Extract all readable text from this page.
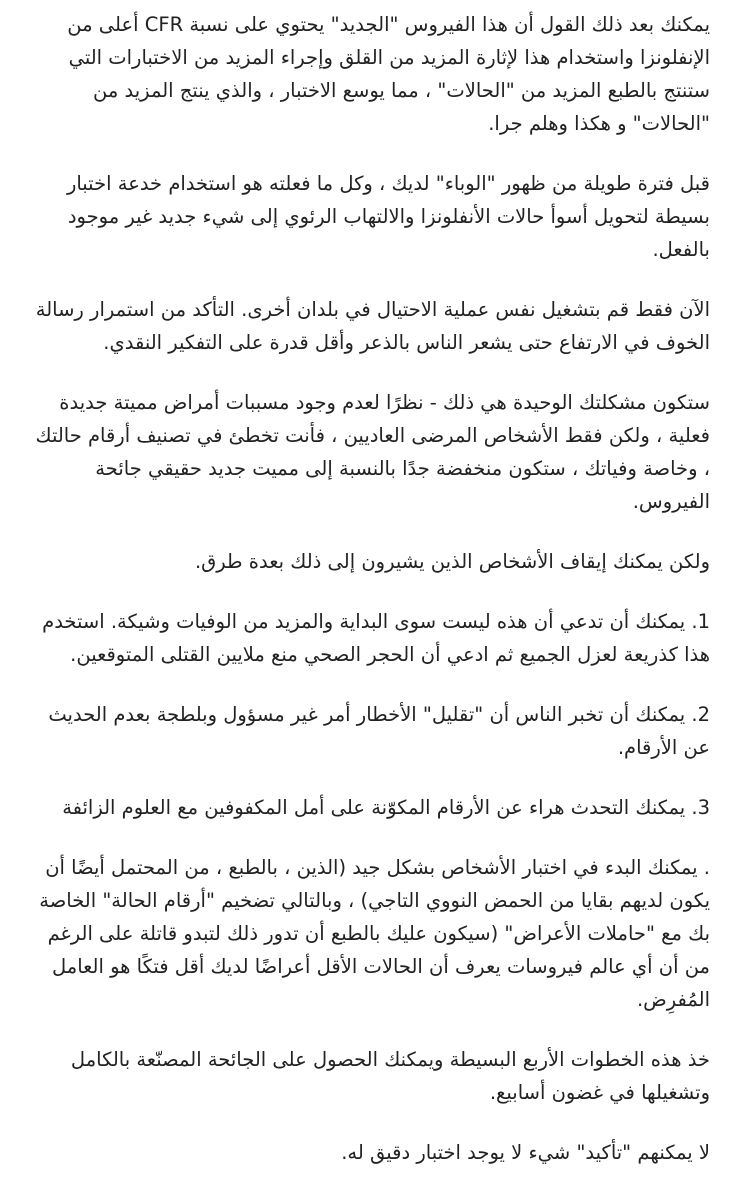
يمكنك بعد ذلك القول أن هذا الفيروس "الجديد" يحتوي على نسبة CFR أعلى من الإنفلونزا واستخدام هذا لإثارة المزيد من القلق وإجراء المزيد من الاختبارات التي ستنتج بالطبع المزيد من "الحالات" ، مما يوسع الاختبار ، والذي ينتج المزيد من "الحالات" و هكذا وهلم جرا.

قبل فترة طويلة من ظهور "الوباء" لديك ، وكل ما فعلته هو استخدام خدعة اختبار بسيطة لتحويل أسوأ حالات الأنفلونزا والالتهاب الرئوي إلى شيء جديد غير موجود بالفعل.

الآن فقط قم بتشغيل نفس عملية الاحتيال في بلدان أخرى. التأكد من استمرار رسالة الخوف في الارتفاع حتى يشعر الناس بالذعر وأقل قدرة على التفكير النقدي.

ستكون مشكلتك الوحيدة هي ذلك - نظرًا لعدم وجود مسببات أمراض مميتة جديدة فعلية ، ولكن فقط الأشخاص المرضى العاديين ، فأنت تخطئ في تصنيف أرقام حالتك ، وخاصة وفياتك ، ستكون منخفضة جدًا بالنسبة إلى مميت جديد حقيقي جائحة الفيروس.

ولكن يمكنك إيقاف الأشخاص الذين يشيرون إلى ذلك بعدة طرق.

1. يمكنك أن تدعي أن هذه ليست سوى البداية والمزيد من الوفيات وشيكة. استخدم هذا كذريعة لعزل الجميع ثم ادعي أن الحجر الصحي منع ملايين القتلى المتوقعين.

2. يمكنك أن تخبر الناس أن "تقليل" الأخطار أمر غير مسؤول وبلطجة بعدم الحديث عن الأرقام.

3. يمكنك التحدث هراء عن الأرقام المكوّنة على أمل المكفوفين مع العلوم الزائفة

. يمكنك البدء في اختبار الأشخاص بشكل جيد (الذين ، بالطبع ، من المحتمل أيضًا أن يكون لديهم بقايا من الحمض النووي التاجي) ، وبالتالي تضخيم "أرقام الحالة" الخاصة بك مع "حاملات الأعراض" (سيكون عليك بالطبع أن تدور ذلك لتبدو قاتلة على الرغم من أن أي عالم فيروسات يعرف أن الحالات الأقل أعراضًا لديك أقل فتكًا هو العامل المُفرِض.

خذ هذه الخطوات الأربع البسيطة ويمكنك الحصول على الجائحة المصنّعة بالكامل وتشغيلها في غضون أسابيع.

لا يمكنهم "تأكيد" شيء لا يوجد اختبار دقيق له.
